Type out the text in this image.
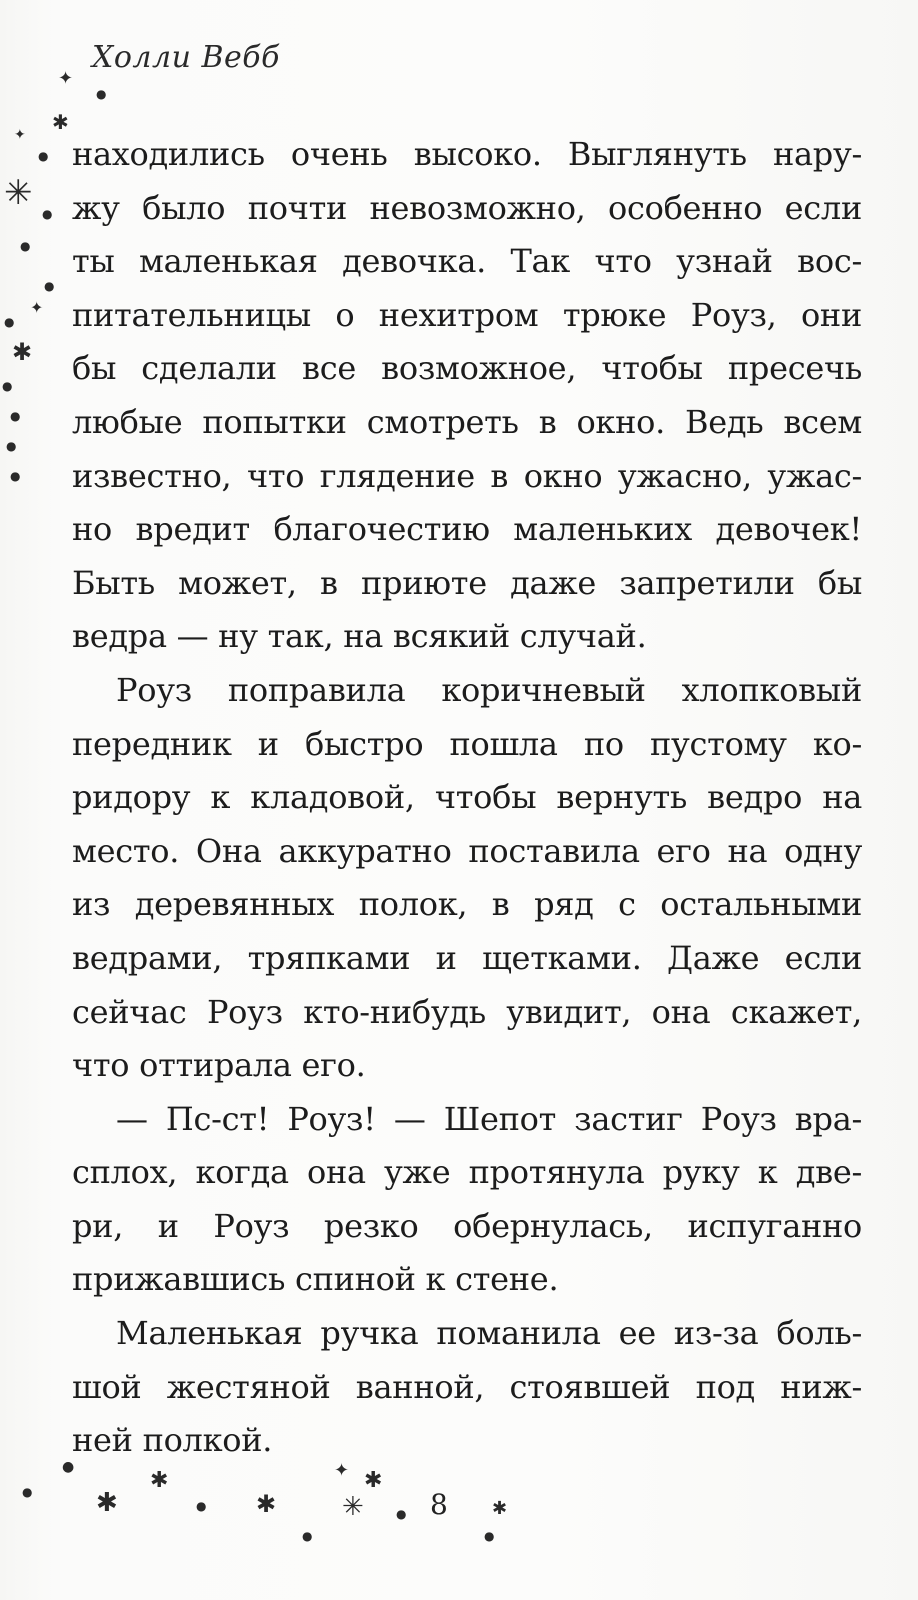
Холли Вебб

находились очень высоко. Выглянуть нару-
жу было почти невозможно, особенно если
ты маленькая девочка. Так что узнай вос-
питательницы о нехитром трюке Роуз, они
бы сделали все возможное, чтобы пресечь
любые попытки смотреть в окно. Ведь всем
известно, что глядение в окно ужасно, ужас-
но вредит благочестию маленьких девочек!
Быть может, в приюте даже запретили бы
ведра — ну так, на всякий случай.

Роуз поправила коричневый хлопковый
передник и быстро пошла по пустому ко-
ридору к кладовой, чтобы вернуть ведро на
место. Она аккуратно поставила его на одну
из деревянных полок, в ряд с остальными
ведрами, тряпками и щетками. Даже если
сейчас Роуз кто-нибудь увидит, она скажет,
что оттирала его.

— Пс-ст! Роуз! — Шепот застиг Роуз вра-
сплох, когда она уже протянула руку к две-
ри, и Роуз резко обернулась, испуганно
прижавшись спиной к стене.

Маленькая ручка поманила ее из-за боль-
шой жестяной ванной, стоявшей под ниж-
ней полкой.

8
✦
●
✱
✦
●
✳
●
●
●
✦
●
✱
●
●
●
●
●
● ✱
✱
● ✱
✦ ✱
✳	●
●
✱
●
